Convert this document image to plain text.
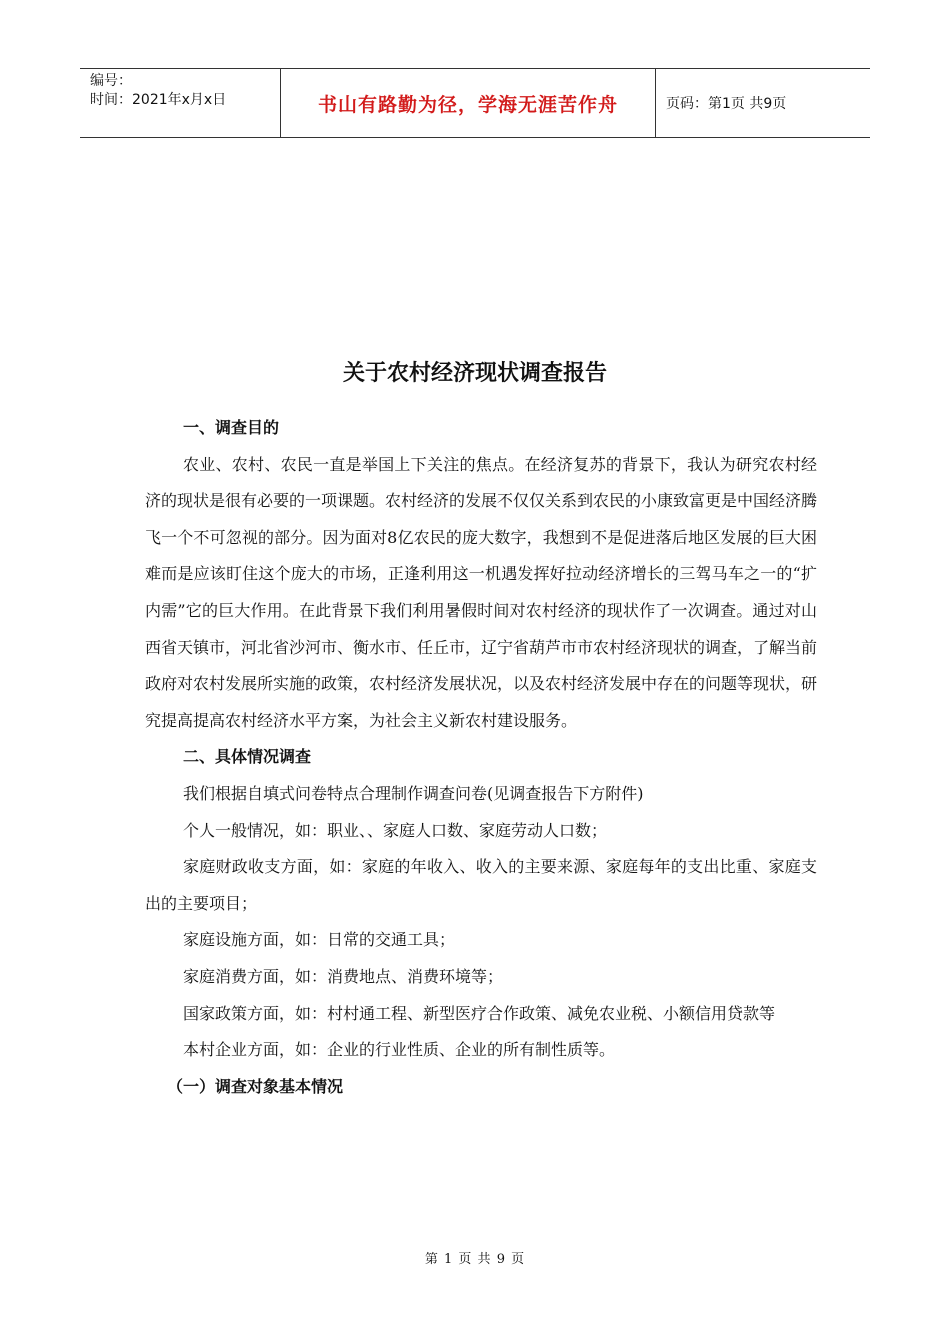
编号：
时间：2021年x月x日	书山有路勤为径，学海无涯苦作舟	页码：第1页 共9页
关于农村经济现状调查报告

一、调查目的

农业、农村、农民一直是举国上下关注的焦点。在经济复苏的背景下，我认为研究农村经济的现状是很有必要的一项课题。农村经济的发展不仅仅关系到农民的小康致富更是中国经济腾飞一个不可忽视的部分。因为面对8亿农民的庞大数字，我想到不是促进落后地区发展的巨大困难而是应该盯住这个庞大的市场，正逢利用这一机遇发挥好拉动经济增长的三驾马车之一的“扩内需”它的巨大作用。在此背景下我们利用暑假时间对农村经济的现状作了一次调查。通过对山西省天镇市，河北省沙河市、衡水市、任丘市，辽宁省葫芦市市农村经济现状的调查，了解当前政府对农村发展所实施的政策，农村经济发展状况，以及农村经济发展中存在的问题等现状，研究提高提高农村经济水平方案，为社会主义新农村建设服务。

二、具体情况调查

我们根据自填式问卷特点合理制作调查问卷(见调查报告下方附件)

个人一般情况，如：职业、、家庭人口数、家庭劳动人口数；

家庭财政收支方面，如：家庭的年收入、收入的主要来源、家庭每年的支出比重、家庭支出的主要项目；

家庭设施方面，如：日常的交通工具；

家庭消费方面，如：消费地点、消费环境等；

国家政策方面，如：村村通工程、新型医疗合作政策、减免农业税、小额信用贷款等

本村企业方面，如：企业的行业性质、企业的所有制性质等。

（一）调查对象基本情况

第 1 页 共 9 页
